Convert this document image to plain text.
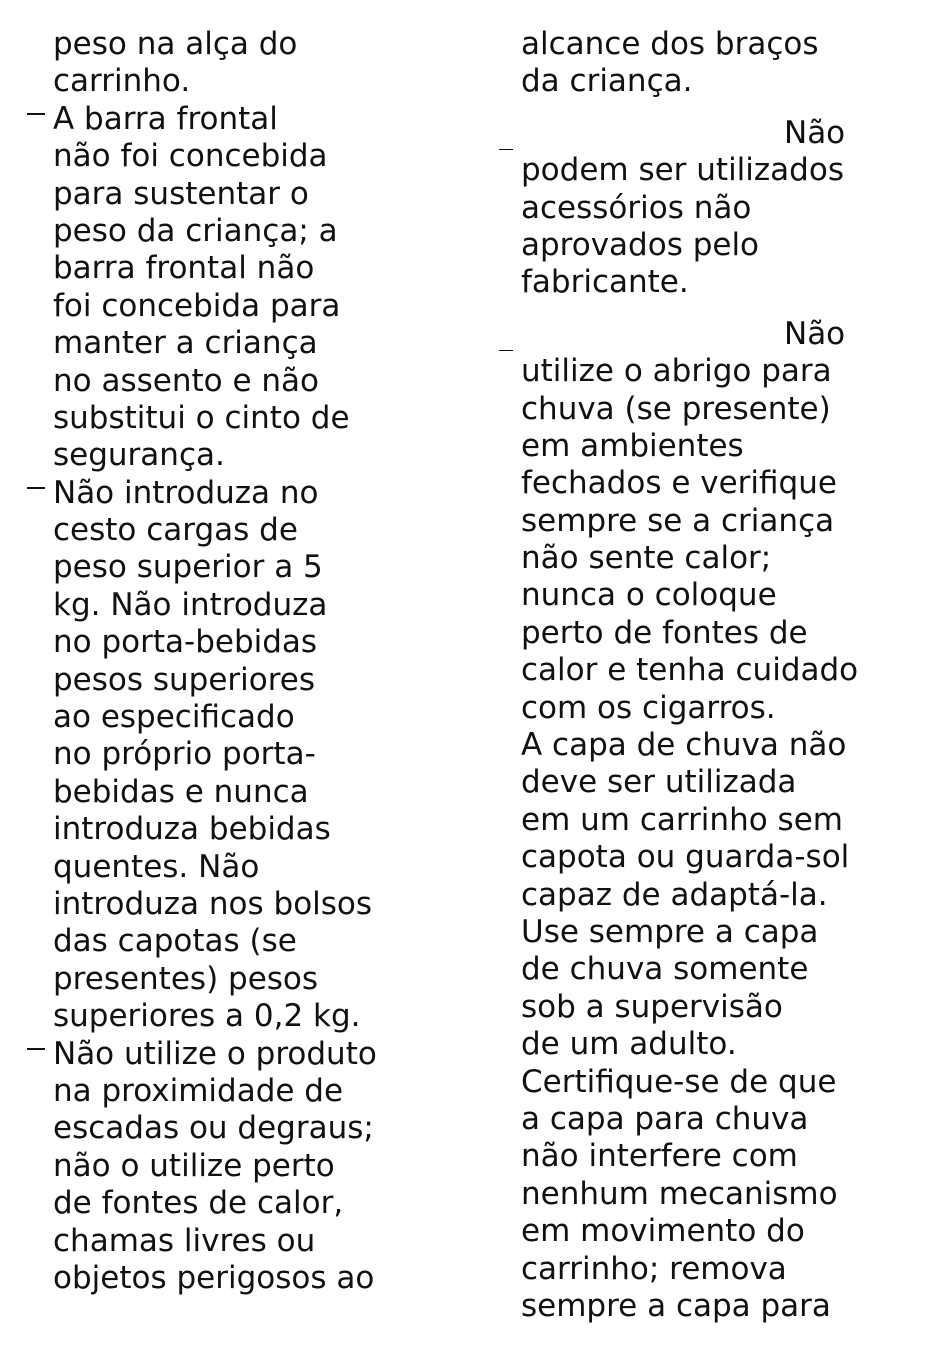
peso na alça do
carrinho.
A barra frontal
não foi concebida
para sustentar o
peso da criança; a
barra frontal não
foi concebida para
manter a criança
no assento e não
substitui o cinto de
segurança.
Não introduza no
cesto cargas de
peso superior a 5
kg. Não introduza
no porta-bebidas
pesos superiores
ao especificado
no próprio porta-
bebidas e nunca
introduza bebidas
quentes. Não
introduza nos bolsos
das capotas (se
presentes) pesos
superiores a 0,2 kg.
Não utilize o produto
na proximidade de
escadas ou degraus;
não o utilize perto
de fontes de calor,
chamas livres ou
objetos perigosos ao
alcance dos braços
da criança.
Não
podem ser utilizados
acessórios não
aprovados pelo
fabricante.
Não
utilize o abrigo para
chuva (se presente)
em ambientes
fechados e verifique
sempre se a criança
não sente calor;
nunca o coloque
perto de fontes de
calor e tenha cuidado
com os cigarros.
A capa de chuva não
deve ser utilizada
em um carrinho sem
capota ou guarda-sol
capaz de adaptá-la.
Use sempre a capa
de chuva somente
sob a supervisão
de um adulto.
Certifique-se de que
a capa para chuva
não interfere com
nenhum mecanismo
em movimento do
carrinho; remova
sempre a capa para
